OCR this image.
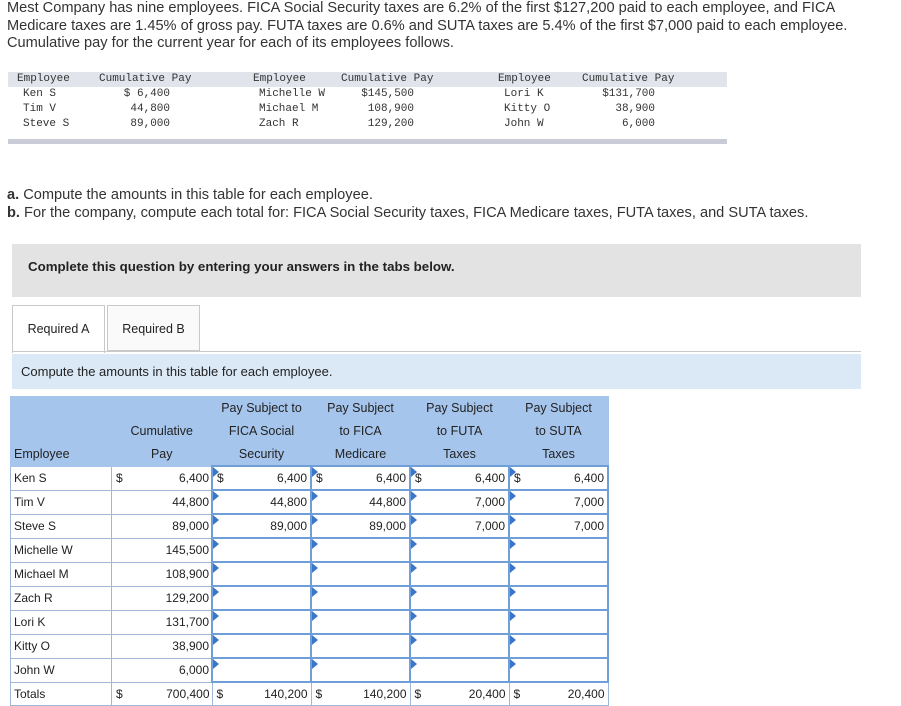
Mest Company has nine employees. FICA Social Security taxes are 6.2% of the first $127,200 paid to each employee, and FICA Medicare taxes are 1.45% of gross pay. FUTA taxes are 0.6% and SUTA taxes are 5.4% of the first $7,000 paid to each employee. Cumulative pay for the current year for each of its employees follows.
Employee	Cumulative Pay
Ken S	$ 6,400
Tim V	44,800
Steve S	89,000
Employee	Cumulative Pay
Michelle W	$145,500
Michael M	108,900
Zach R	129,200
Employee	Cumulative Pay
Lori K	$131,700
Kitty O	38,900
John W	6,000
a. Compute the amounts in this table for each employee.
b. For the company, compute each total for: FICA Social Security taxes, FICA Medicare taxes, FUTA taxes, and SUTA taxes.
Complete this question by entering your answers in the tabs below.
Required A	Required B
Compute the amounts in this table for each employee.
		Pay Subject to	Pay Subject	Pay Subject	Pay Subject
	Cumulative	FICA Social	to FICA	to FUTA	to SUTA
Employee	Pay	Security	Medicare	Taxes	Taxes
Ken S	$ 6,400	$ 6,400	$ 6,400	$ 6,400	$ 6,400

Tim V	44,800	44,800	44,800	7,000	7,000

Steve S	89,000	89,000	89,000	7,000	7,000

Michelle W	145,500				

Michael M	108,900				

Zach R	129,200				

Lori K	131,700				

Kitty O	38,900				

John W	6,000				

Totals	$ 700,400	$ 140,200	$ 140,200	$ 20,400	$ 20,400
